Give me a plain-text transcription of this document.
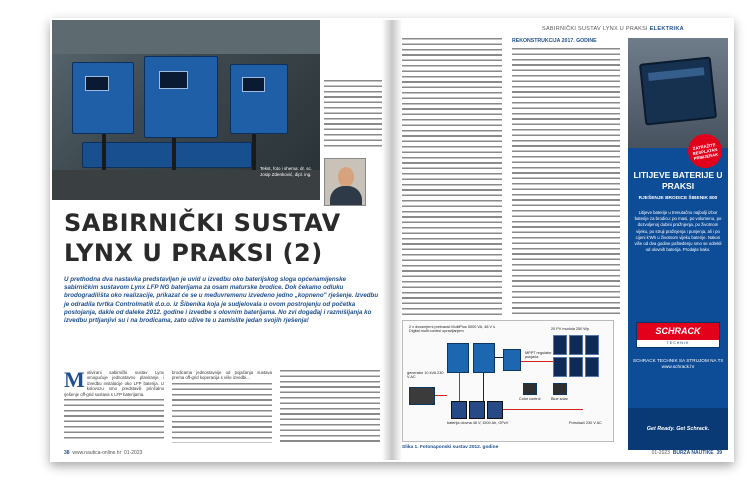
Tekst, foto i shema: dr. sc. Josip Zdenković, dipl. ing.
SABIRNIČKI SUSTAV
LYNX U PRAKSI (2)
U prethodna dva nastavka predstavljen je uvid u izvedbu oko baterijskog sloga općenamijenske sabirničkim sustavom Lynx LFP NG baterijama za osam maturske brodice. Dok čekamo odluku brodogradilišta oko realizacije, prikazat će se u međuvremenu izvedeno jedno „kopneno" rješenje. Izvedbu je odradila tvrtka Controlmatik d.o.o. iz Šibenika koja je sudjelovala u ovom postrojenju od početka postojanja, dakle od daleke 2012. godine i izvedbe s olovnim baterijama. No zvi događaj i razmišljanja ko izvedbu prtljanjivi su i na brodicama, zato užive te u zamislite jedan svojih rješenja!
M otivirani sabirnički sustav Lynx omogućuje jednostavno planiranje i izvedbu instalacije oko LFP baterija. U kolovozu smo predstavili prinčalno rješenje off-grid sustava s LFP baterijama.
brodicama jednostavnije od pojačanja sustava prema off-grid koperacija s više izvedbi...
38 www.nautica-online.hr 01-2023
SABIRNIČKI SUSTAV LYNX U PRAKSI ELEKTRIKA
REKONSTRUKCIJA 2017. GODINE
2 x dvosmjerni pretvarač MultiPlus 5000 VA, 48 V s Digital multi control upravljanjem
MPPT regulator punjača
20 PV modula 250 Wp
generator 10 kVA 230 V AC
baterija olovna 48 V, 1500 Ah, OPzV
Color control	Blue solar
Potrošači 230 V AC
Slika 1. Fotonaponski sustav 2012. godine
ZATRAŽITE BESPLATAN PRIMJERAK
LITIJEVE BATERIJE U PRAKSI
RJEŠENJE BRODICE ŠIBENIK 800
Litijeve baterije u trenutačno najbolji izbor baterije za brodicu: po masi, po volumenu, po dozvoljenoj dubini pražnjenja, po životnom vijeku, po struji pražnjenja i punjenja, ali i po cijeni k'Wh u životnom vijeku baterije. Nakon više od dva godine pošteđenju smo se odrekli od olovnih baterija. Prodajte kako.
SCHRACK
TECHNIK
SCHRACK TECHNIK SA STRUJOM NA TI! www.schrack.hr
Get Ready. Get Schrack.
01-2023 BURZA NAUTIKE 39
